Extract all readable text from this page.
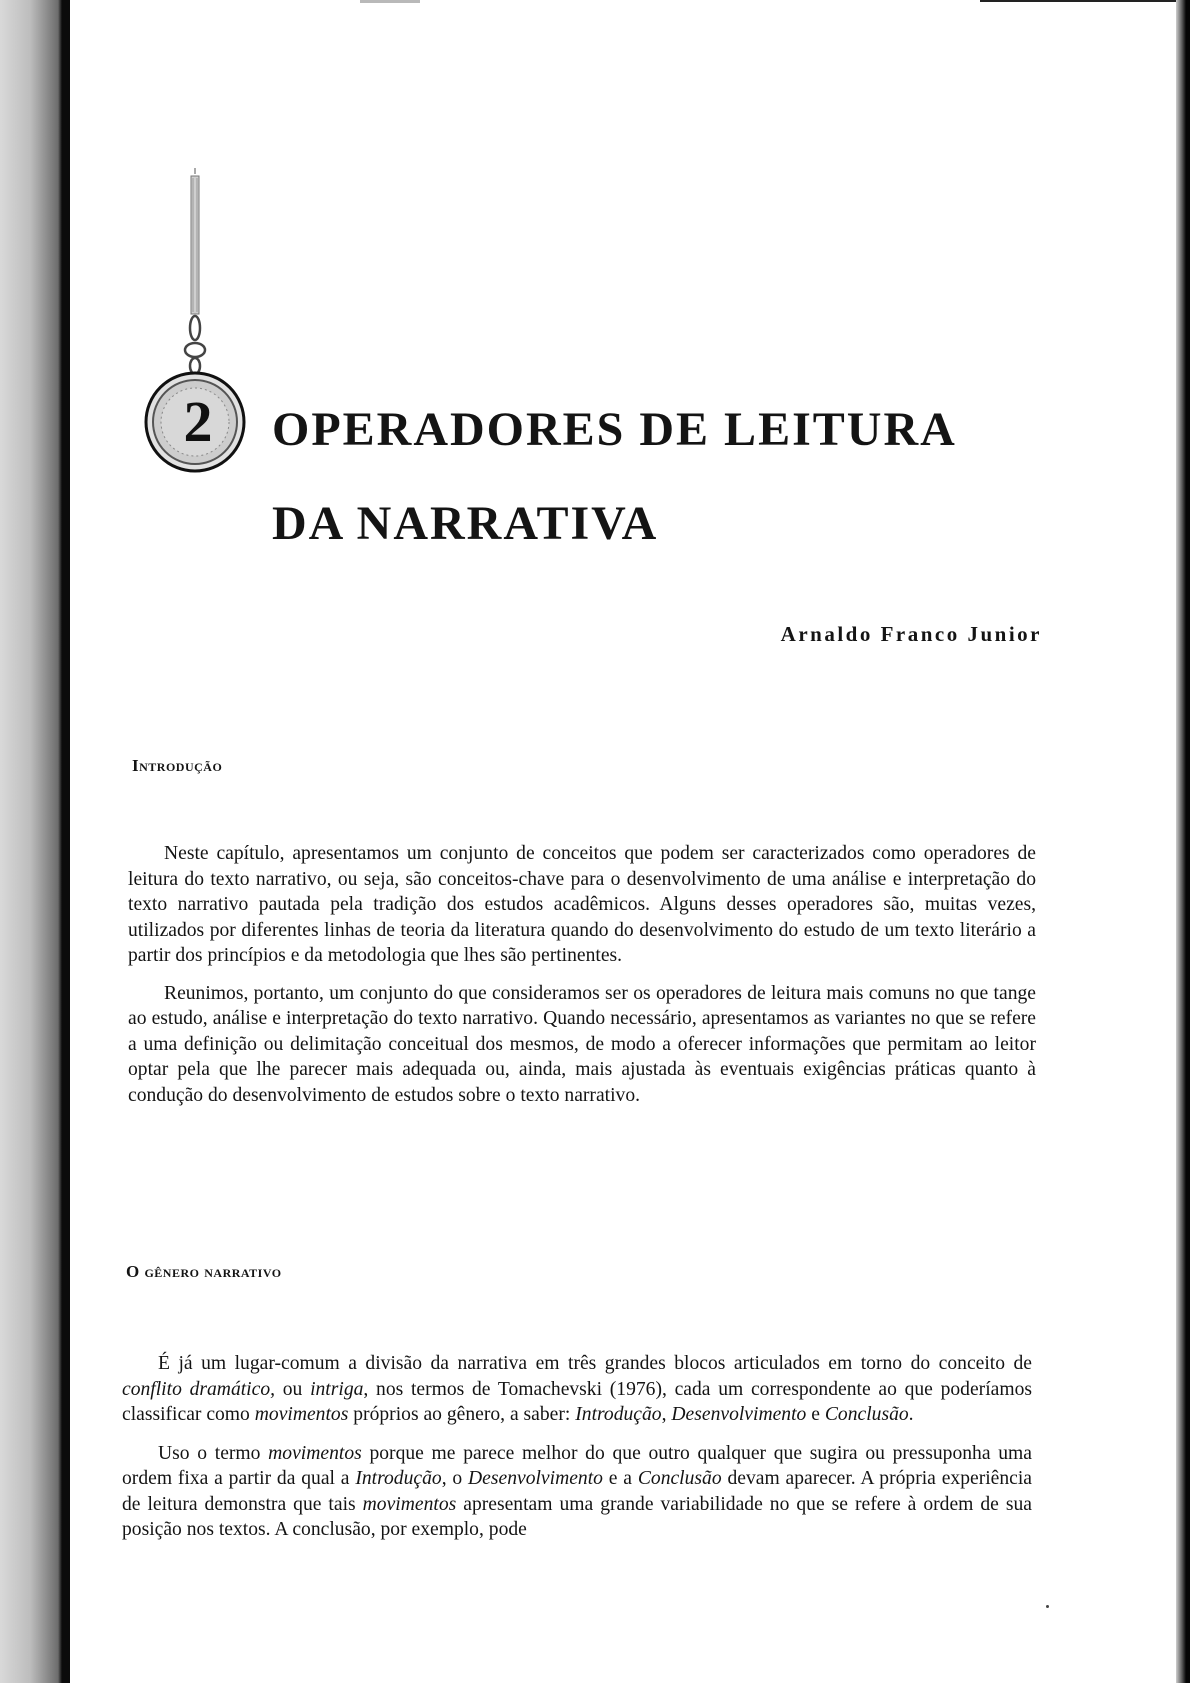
2	OPERADORES DE LEITURA
DA NARRATIVA

Arnaldo Franco Junior

Introdução

Neste capítulo, apresentamos um conjunto de conceitos que podem ser caracterizados como operadores de leitura do texto narrativo, ou seja, são conceitos-chave para o desenvolvimento de uma análise e interpretação do texto narrativo pautada pela tradição dos estudos acadêmicos. Alguns desses operadores são, muitas vezes, utilizados por diferentes linhas de teoria da literatura quando do desenvolvimento do estudo de um texto literário a partir dos princípios e da metodologia que lhes são pertinentes.

Reunimos, portanto, um conjunto do que consideramos ser os operadores de leitura mais comuns no que tange ao estudo, análise e interpretação do texto narrativo. Quando necessário, apresentamos as variantes no que se refere a uma definição ou delimitação conceitual dos mesmos, de modo a oferecer informações que permitam ao leitor optar pela que lhe parecer mais adequada ou, ainda, mais ajustada às eventuais exigências práticas quanto à condução do desenvolvimento de estudos sobre o texto narrativo.

O gênero narrativo

É já um lugar-comum a divisão da narrativa em três grandes blocos articulados em torno do conceito de conflito dramático, ou intriga, nos termos de Tomachevski (1976), cada um correspondente ao que poderíamos classificar como movimentos próprios ao gênero, a saber: Introdução, Desenvolvimento e Conclusão.

Uso o termo movimentos porque me parece melhor do que outro qualquer que sugira ou pressuponha uma ordem fixa a partir da qual a Introdução, o Desenvolvimento e a Conclusão devam aparecer. A própria experiência de leitura demonstra que tais movimentos apresentam uma grande variabilidade no que se refere à ordem de sua posição nos textos. A conclusão, por exemplo, pode
